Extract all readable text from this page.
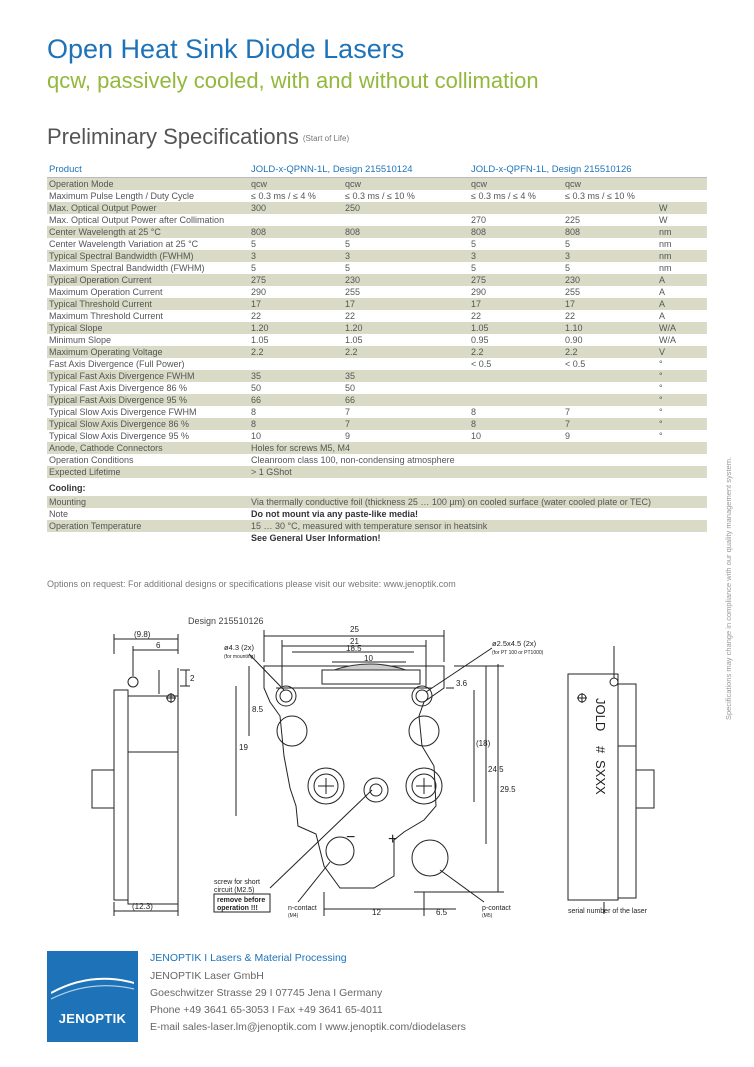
Open Heat Sink Diode Lasers
qcw, passively cooled, with and without collimation
Preliminary Specifications (Start of Life)
Product	JOLD-x-QPNN-1L, Design 215510124		JOLD-x-QPFN-1L, Design 215510126		
Operation Mode	qcw	qcw	qcw	qcw	
Maximum Pulse Length / Duty Cycle	≤ 0.3 ms / ≤ 4 %	≤ 0.3 ms / ≤ 10 %	≤ 0.3 ms / ≤ 4 %	≤ 0.3 ms / ≤ 10 %	
Max. Optical Output Power	300	250			W
Max. Optical Output Power after Collimation			270	225	W
Center Wavelength at 25 °C	808	808	808	808	nm
Center Wavelength Variation at 25 °C	5	5	5	5	nm
Typical Spectral Bandwidth (FWHM)	3	3	3	3	nm
Maximum Spectral Bandwidth (FWHM)	5	5	5	5	nm
Typical Operation Current	275	230	275	230	A
Maximum Operation Current	290	255	290	255	A
Typical Threshold Current	17	17	17	17	A
Maximum Threshold Current	22	22	22	22	A
Typical Slope	1.20	1.20	1.05	1.10	W/A
Minimum Slope	1.05	1.05	0.95	0.90	W/A
Maximum Operating Voltage	2.2	2.2	2.2	2.2	V
Fast Axis Divergence (Full Power)			< 0.5	< 0.5	°
Typical Fast Axis Divergence FWHM	35	35			°
Typical Fast Axis Divergence 86 %	50	50			°
Typical Fast Axis Divergence 95 %	66	66			°
Typical Slow Axis Divergence FWHM	8	7	8	7	°
Typical Slow Axis Divergence 86 %	8	7	8	7	°
Typical Slow Axis Divergence 95 %	10	9	10	9	°
Anode, Cathode Connectors	Holes for screws M5, M4				
Operation Conditions	Cleanroom class 100, non-condensing atmosphere				
Expected Lifetime	> 1 GShot				
Cooling:					
Mounting	Via thermally conductive foil (thickness 25 … 100 µm) on cooled surface (water cooled plate or TEC)				
Note	Do not mount via any paste-like media!				
Operation Temperature	15 … 30 °C, measured with temperature sensor in heatsink				
	See General User Information!				
Options on request: For additional designs or specifications please visit our website: www.jenoptik.com
Design 215510126	Specifications may change in compliance with our quality management system.
(9.8)
6
2
(12.3)
25
21
18.5
10
8.5
19
3.6
(18)
24.5
29.5
12	6.5
ø4.3 (2x)
(for mounting)
ø2.5x4.5 (2x)
(for PT 100 or PT1000)
− +
screw for short
circuit (M2.5)
remove before
operation !!!	n-contact
(M4)
p-contact
(M5)
JOLD
#
SXXX
serial number of the laser
JENOPTIK
JENOPTIK I Lasers & Material Processing
JENOPTIK Laser GmbH
Goeschwitzer Strasse 29 I 07745 Jena I Germany
Phone +49 3641 65-3053 I Fax +49 3641 65-4011
E-mail sales-laser.lm@jenoptik.com I www.jenoptik.com/diodelasers
